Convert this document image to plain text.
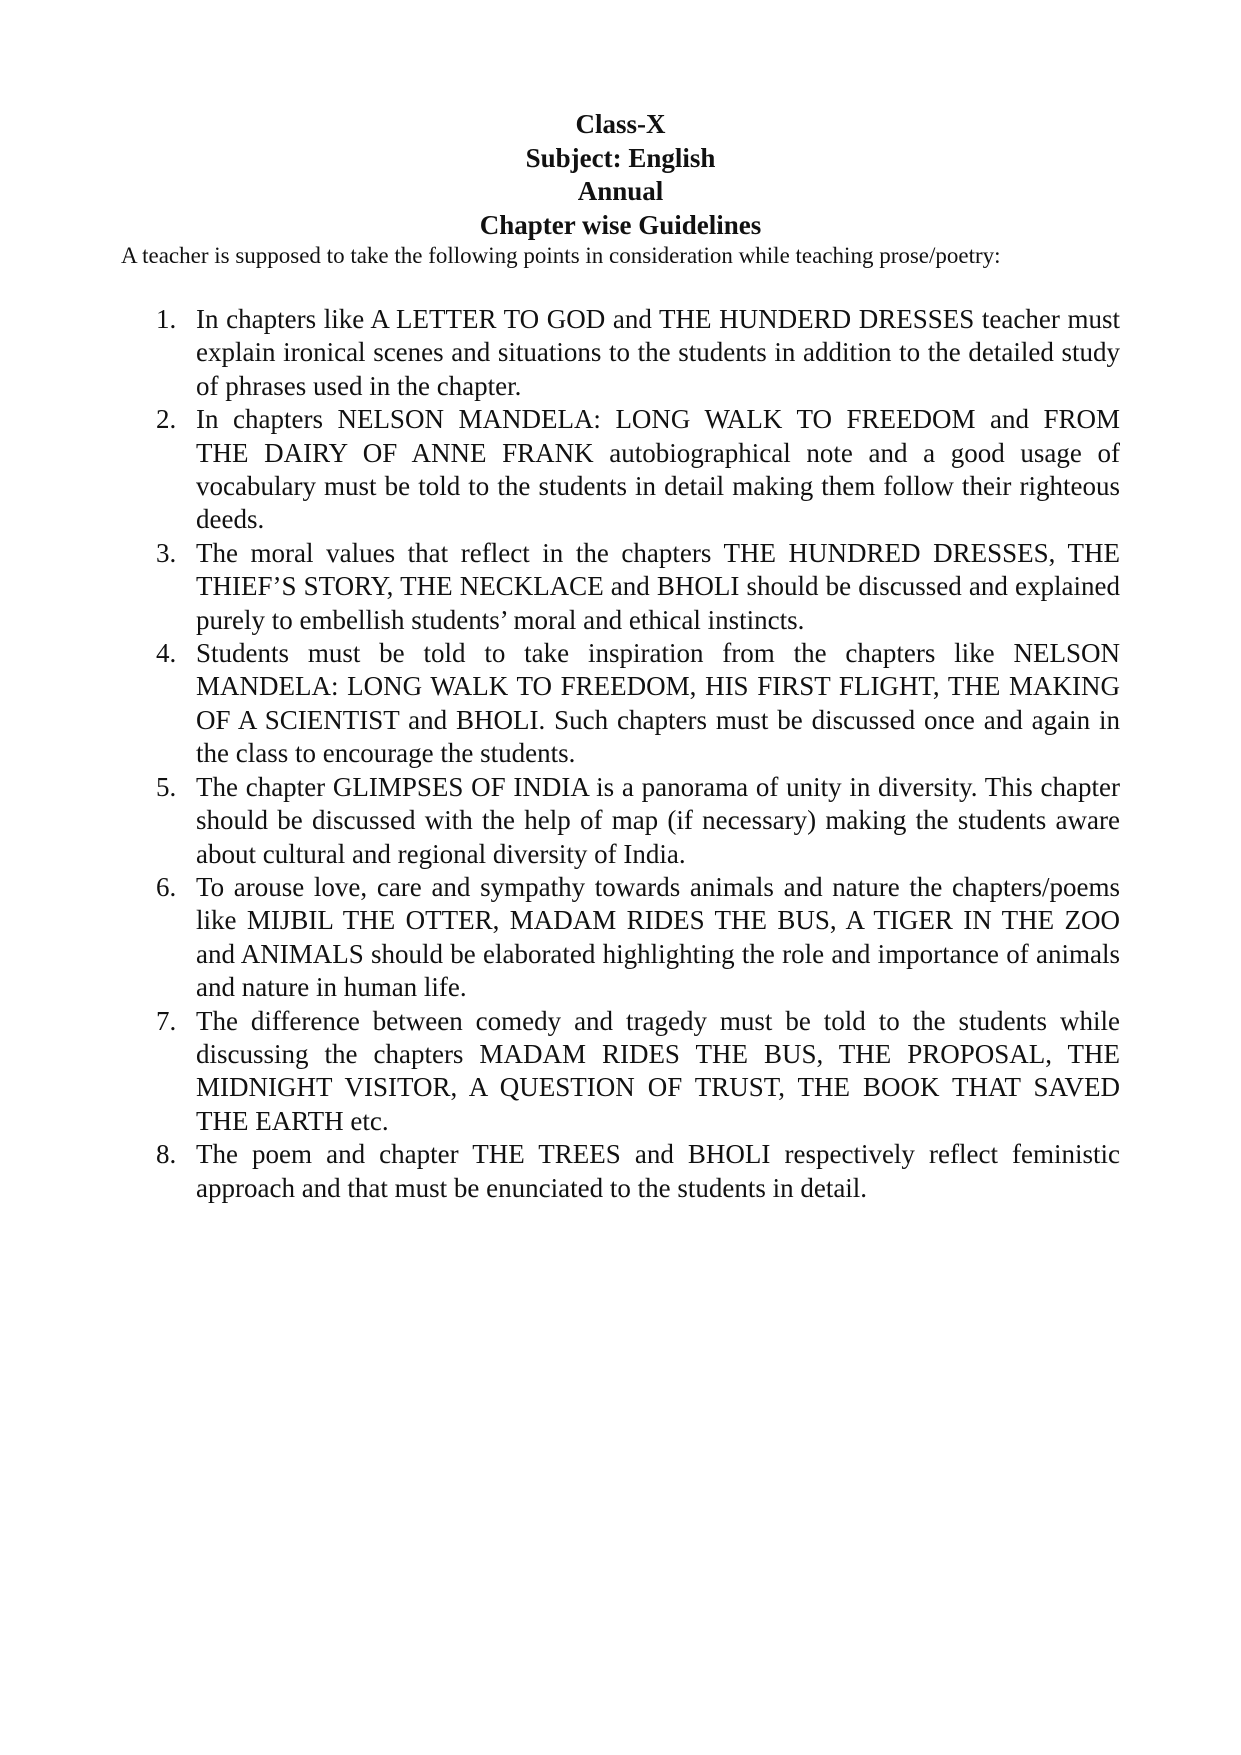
Class-X
Subject: English
Annual
Chapter wise Guidelines
A teacher is supposed to take the following points in consideration while teaching prose/poetry:
1. In chapters like A LETTER TO GOD and THE HUNDERD DRESSES teacher must explain ironical scenes and situations to the students in addition to the detailed study of phrases used in the chapter.
2. In chapters NELSON MANDELA: LONG WALK TO FREEDOM and FROM   THE DAIRY OF ANNE FRANK autobiographical note and a good usage of vocabulary must be told to the students in detail making them follow their righteous deeds.
3. The moral values that reflect in the chapters THE HUNDRED DRESSES, THE THIEF’S STORY, THE NECKLACE and BHOLI should be discussed and explained purely to embellish students’ moral and ethical instincts.
4. Students must be told to take inspiration from the chapters like NELSON MANDELA: LONG WALK TO FREEDOM, HIS FIRST FLIGHT, THE MAKING OF A SCIENTIST and BHOLI. Such chapters must be discussed once and again in the class to encourage the students.
5. The chapter GLIMPSES OF INDIA is a panorama of unity in diversity. This chapter should be discussed with the help of map (if necessary) making the students aware about cultural and regional diversity of India.
6. To arouse love, care and sympathy towards animals and nature the chapters/poems like MIJBIL THE OTTER, MADAM RIDES THE BUS, A TIGER IN THE ZOO and ANIMALS should be elaborated highlighting the role and importance of animals and nature in human life.
7. The difference between comedy and tragedy must be told to the students while discussing the chapters MADAM RIDES THE BUS, THE PROPOSAL, THE MIDNIGHT VISITOR, A QUESTION OF TRUST, THE BOOK THAT SAVED THE EARTH etc.
8. The poem and chapter THE TREES and BHOLI respectively reflect feministic approach and that must be enunciated to the students in detail.
